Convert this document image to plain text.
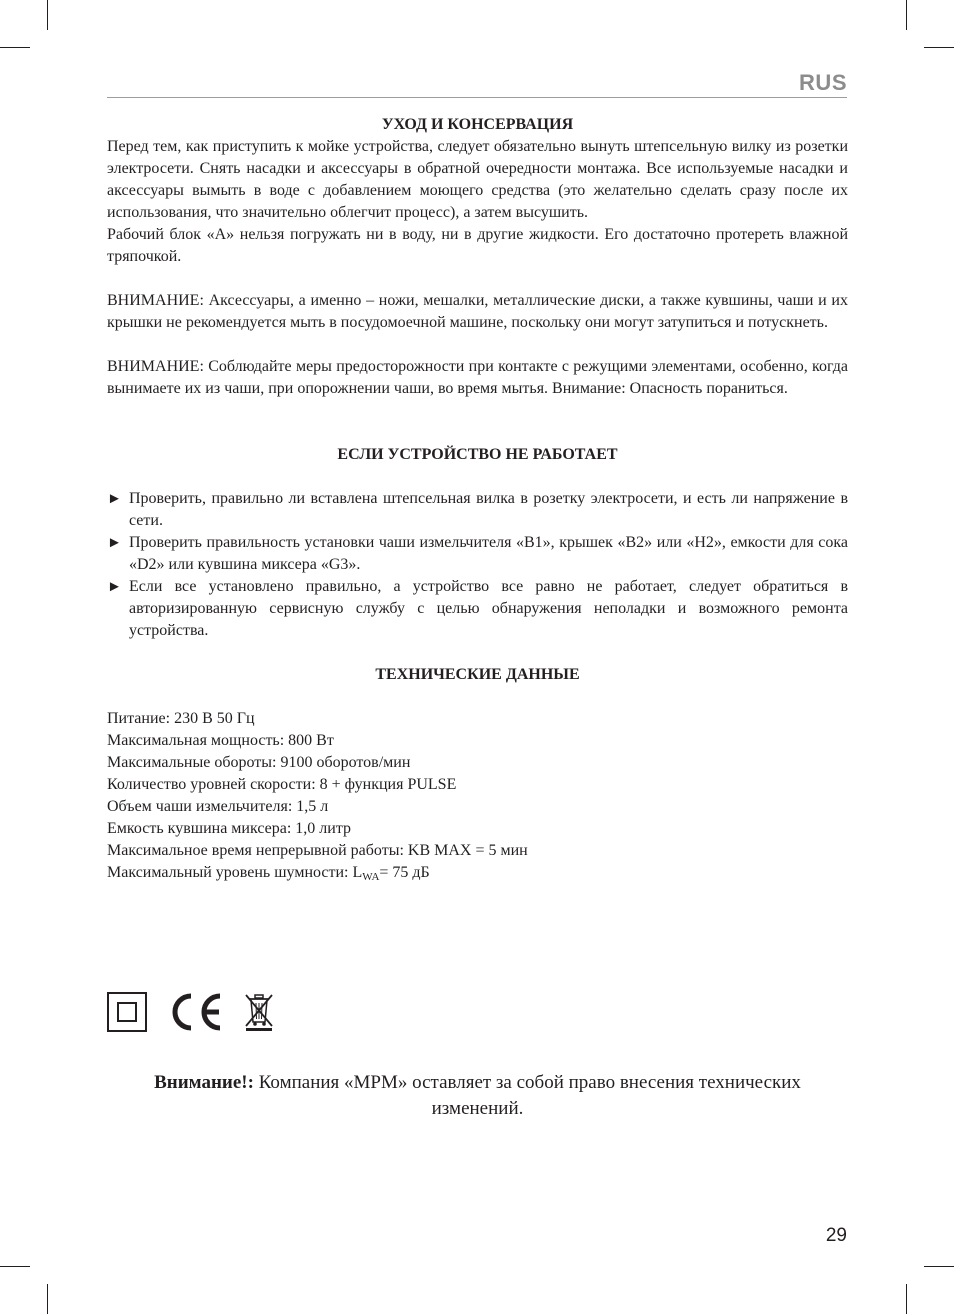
RUS
УХОД И КОНСЕРВАЦИЯ

Перед тем, как приступить к мойке устройства, следует обязательно вынуть штепсельную вилку из розетки электросети. Снять насадки и аксессуары в обратной очередности монтажа. Все используемые насадки и аксессуары вымыть в воде с добавлением моющего средства (это желательно сделать сразу после их использования, что значительно облегчит процесс), а затем высушить.

Рабочий блок «А» нельзя погружать ни в воду, ни в другие жидкости. Его достаточно протереть влажной тряпочкой.

ВНИМАНИЕ: Аксессуары, а именно – ножи, мешалки, металлические диски, а также кувшины, чаши и их крышки не рекомендуется мыть в посудомоечной машине, поскольку они могут затупиться и потускнеть.

ВНИМАНИЕ: Соблюдайте меры предосторожности при контакте с режущими элементами, особенно, когда вынимаете их из чаши, при опорожнении чаши, во время мытья. Внимание: Опасность пораниться.

ЕСЛИ УСТРОЙСТВО НЕ РАБОТАЕТ
► Проверить, правильно ли вставлена штепсельная вилка в розетку электросети, и есть ли напряжение в сети.
► Проверить правильность установки чаши измельчителя «B1», крышек «B2» или «H2», емкости для сока «D2» или кувшина миксера «G3».
► Если все установлено правильно, а устройство все равно не работает, следует обратиться в авторизированную сервисную службу с целью обнаружения неполадки и возможного ремонта устройства.
ТЕХНИЧЕСКИЕ ДАННЫЕ

Питание: 230 В 50 Гц

Максимальная мощность: 800 Вт

Максимальные обороты: 9100 оборотов/мин

Количество уровней скорости: 8 + функция PULSE

Объем чаши измельчителя: 1,5 л

Емкость кувшина миксера: 1,0 литр

Максимальное время непрерывной работы: KB MAX = 5 мин

Максимальный уровень шумности: $L_{WA}= 75$ дБ

Внимание!: Компания «MPM» оставляет за собой право внесения технических изменений.
29
